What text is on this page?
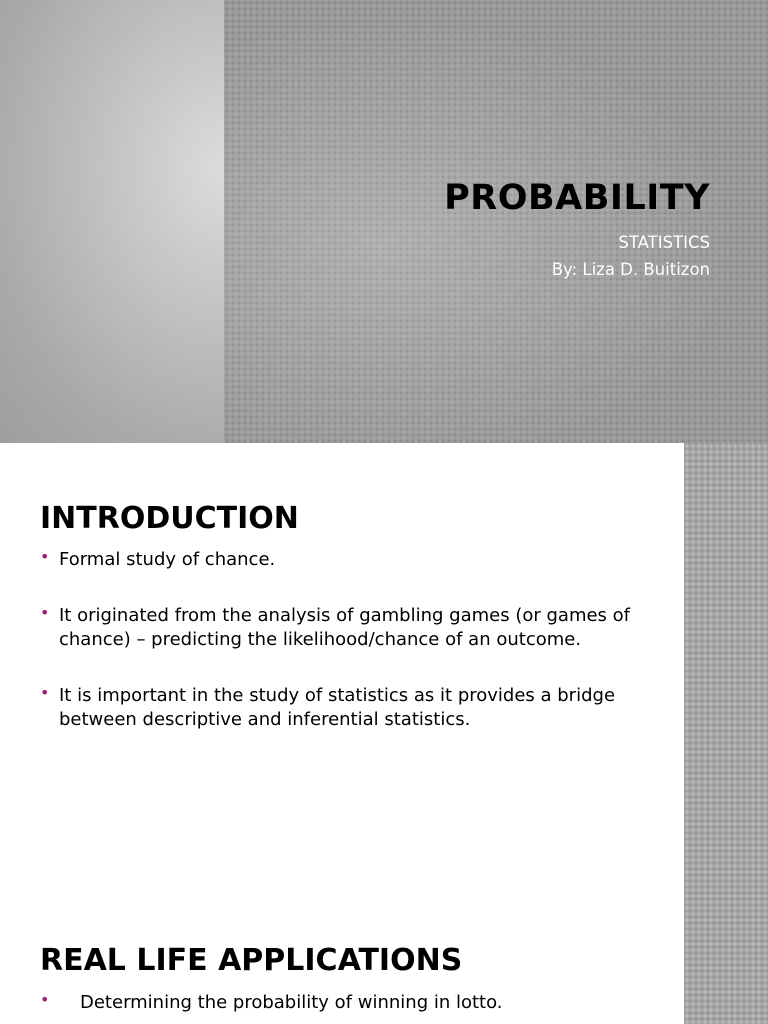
PROBABILITY
STATISTICS
By: Liza D. Buitizon
INTRODUCTION
• Formal study of chance.
• It originated from the analysis of gambling games (or games of chance) – predicting the likelihood/chance of an outcome.
• It is important in the study of statistics as it provides a bridge between descriptive and inferential statistics.
REAL LIFE APPLICATIONS
• Determining the probability of winning in lotto.
